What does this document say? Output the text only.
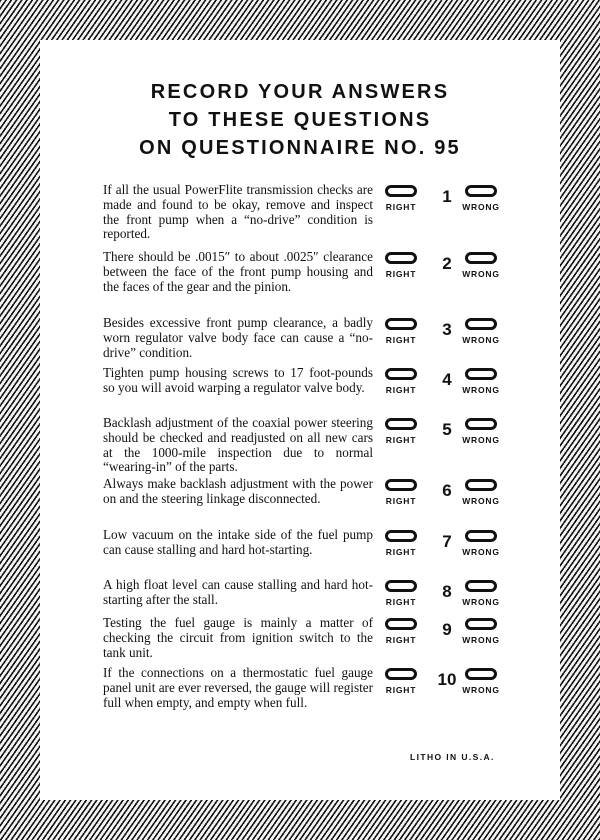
RECORD YOUR ANSWERS
TO THESE QUESTIONS
ON QUESTIONNAIRE NO. 95
If all the usual PowerFlite transmission checks are made and found to be okay, remove and inspect the front pump when a “no-drive” condition is reported.
RIGHT
1
WRONG
There should be .0015″ to about .0025″ clearance between the face of the front pump housing and the faces of the gear and the pinion.
RIGHT
2
WRONG
Besides excessive front pump clearance, a badly worn regulator valve body face can cause a “no-drive” condition.
RIGHT
3
WRONG
Tighten pump housing screws to 17 foot-pounds so you will avoid warping a regulator valve body.	RIGHT
4
WRONG
Backlash adjustment of the coaxial power steering should be checked and readjusted on all new cars at the 1000-mile inspection due to normal “wearing-in” of the parts.
RIGHT
5
WRONG
Always make backlash adjustment with the power on and the steering linkage disconnected.	RIGHT
6
WRONG
Low vacuum on the intake side of the fuel pump can cause stalling and hard hot-starting.	RIGHT
7
WRONG
A high float level can cause stalling and hard hot-starting after the stall.	RIGHT
8
WRONG
Testing the fuel gauge is mainly a matter of checking the circuit from ignition switch to the tank unit.
RIGHT
9
WRONG
If the connections on a thermostatic fuel gauge panel unit are ever reversed, the gauge will register full when empty, and empty when full.
RIGHT
10
WRONG
LITHO IN U.S.A.
